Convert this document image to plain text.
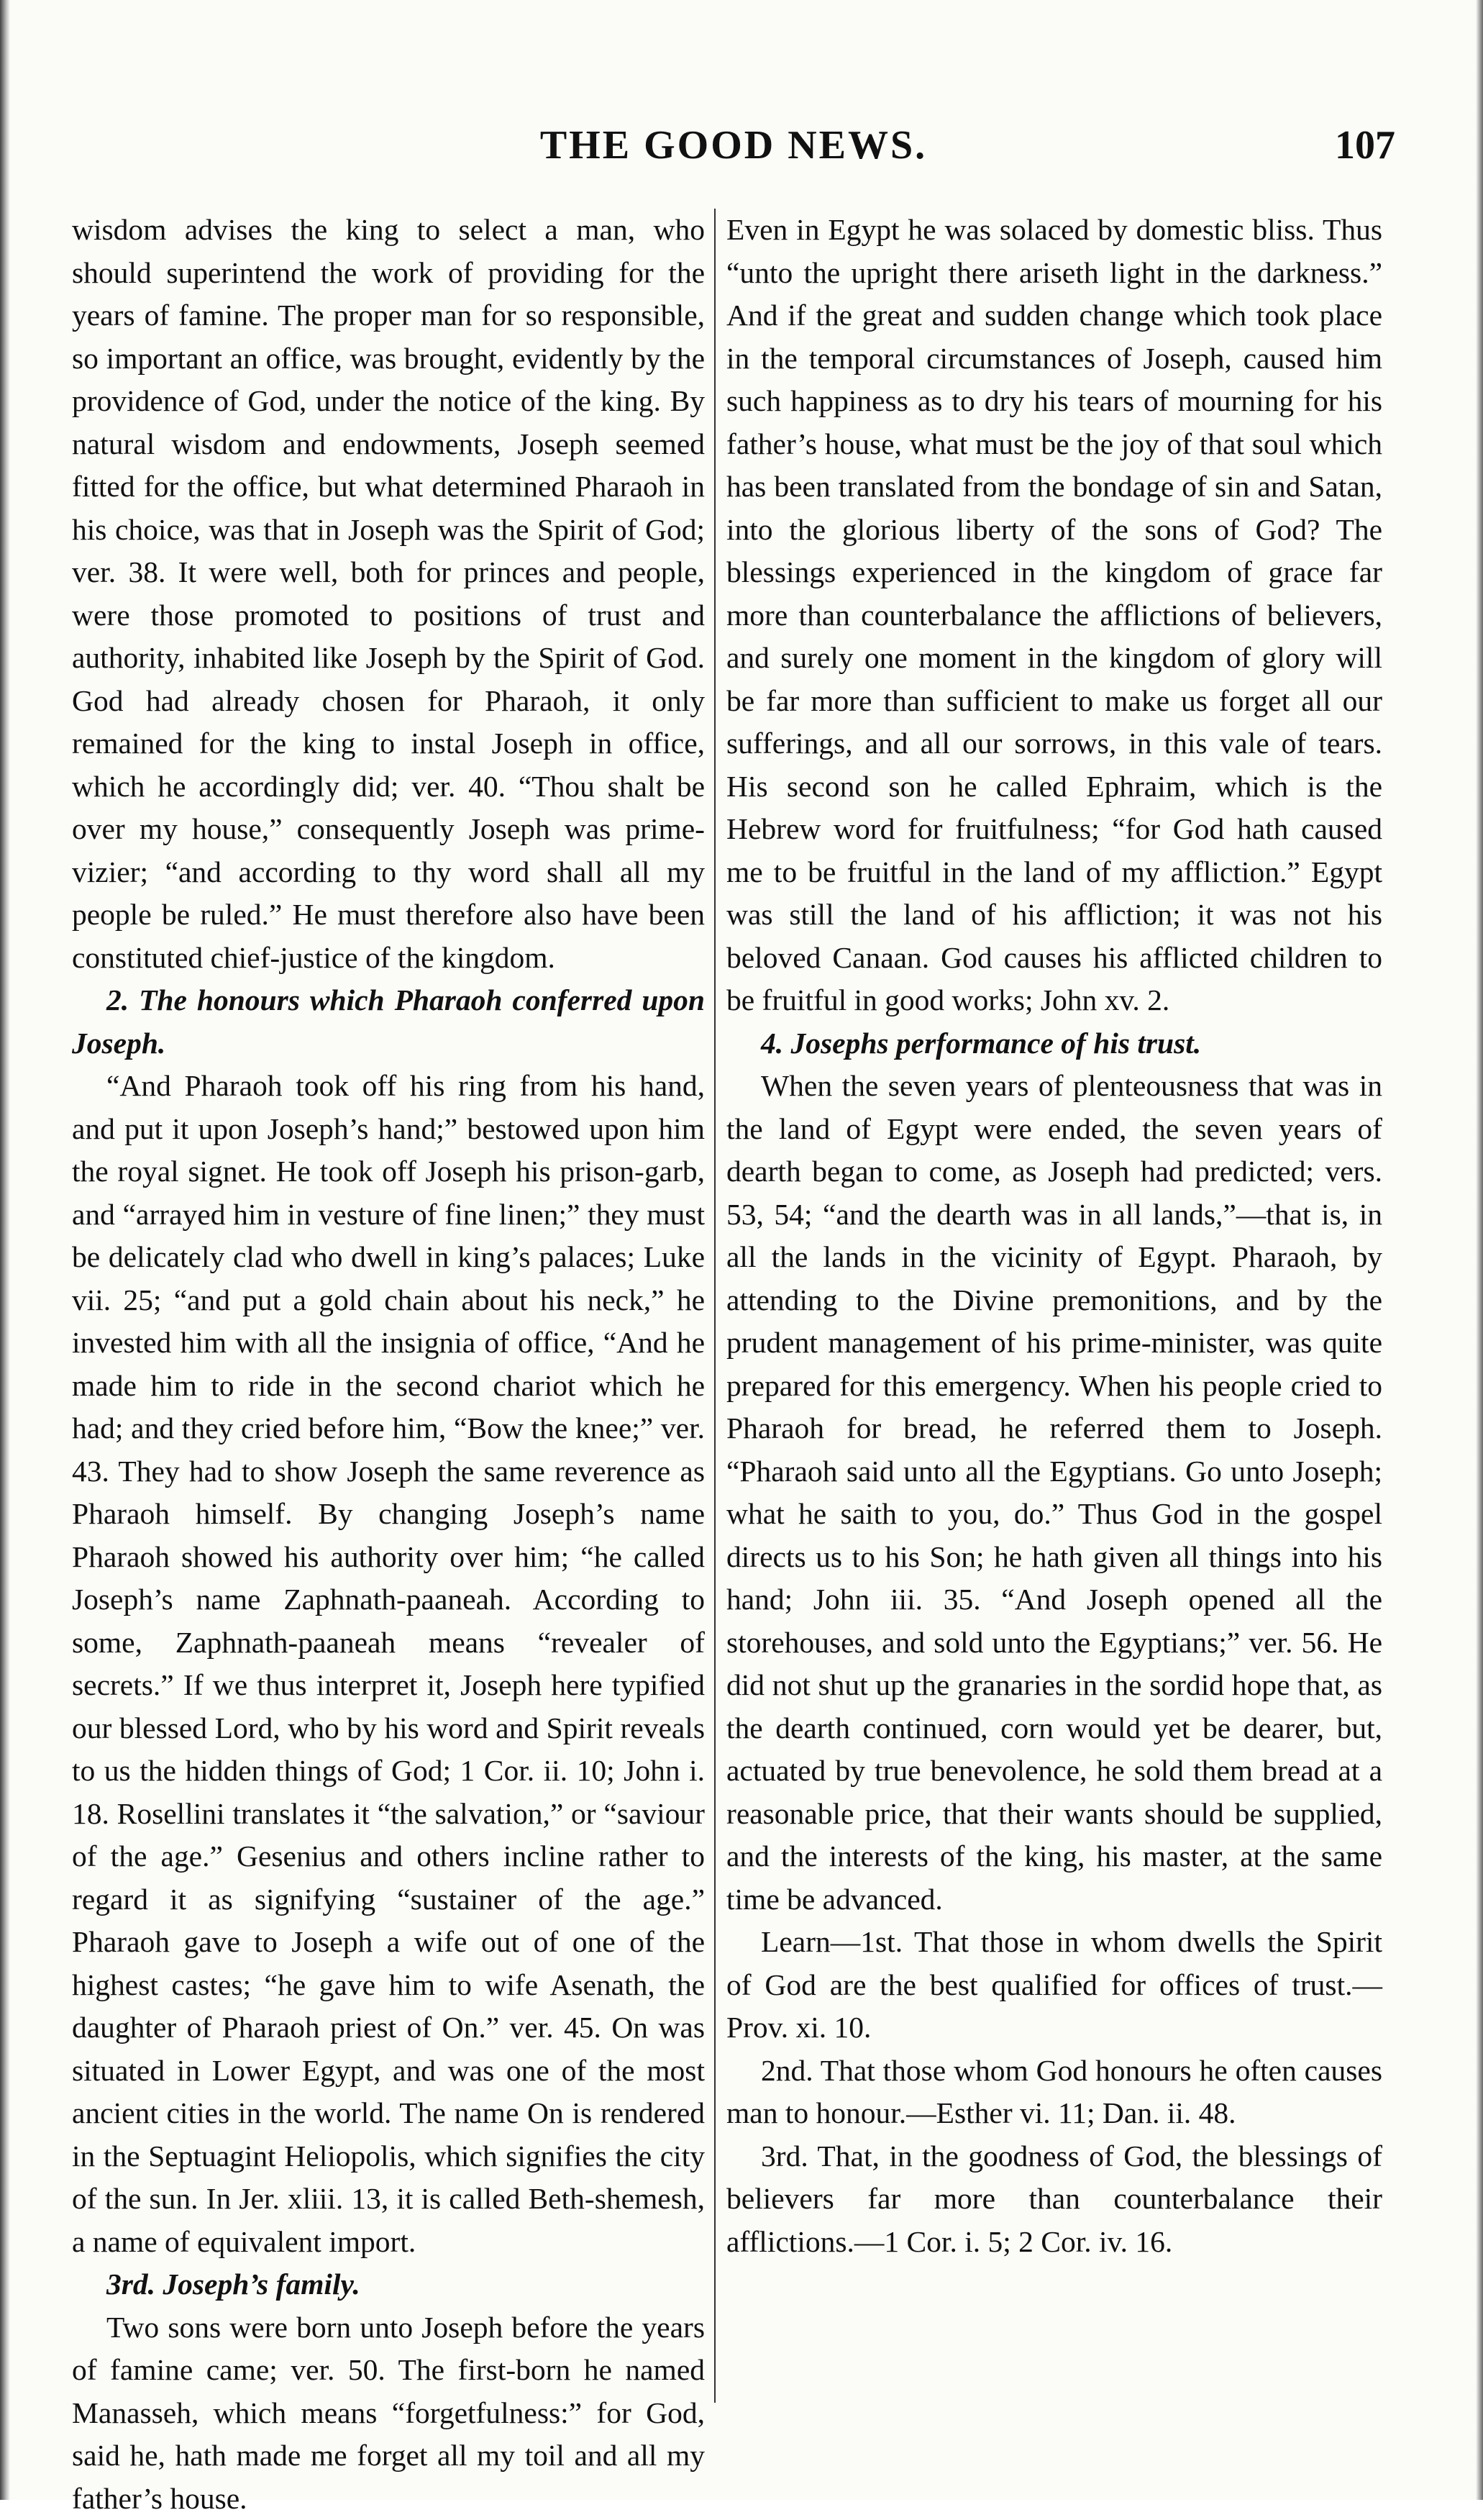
THE GOOD NEWS.	107

wisdom advises the king to select a man, who should superintend the work of providing for the years of famine. The proper man for so responsible, so important an office, was brought, evidently by the providence of God, under the notice of the king. By natural wisdom and endowments, Joseph seemed fitted for the office, but what determined Pharaoh in his choice, was that in Joseph was the Spirit of God; ver. 38. It were well, both for princes and people, were those promoted to positions of trust and authority, inhabited like Joseph by the Spirit of God. God had already chosen for Pharaoh, it only remained for the king to instal Joseph in office, which he accordingly did; ver. 40. “Thou shalt be over my house,” consequently Joseph was prime-vizier; “and according to thy word shall all my people be ruled.” He must therefore also have been constituted chief-justice of the kingdom.

2. The honours which Pharaoh conferred upon Joseph.

“And Pharaoh took off his ring from his hand, and put it upon Joseph’s hand;” bestowed upon him the royal signet. He took off Joseph his prison-garb, and “arrayed him in vesture of fine linen;” they must be delicately clad who dwell in king’s palaces; Luke vii. 25; “and put a gold chain about his neck,” he invested him with all the insignia of office, “And he made him to ride in the second chariot which he had; and they cried before him, “Bow the knee;” ver. 43. They had to show Joseph the same reverence as Pharaoh himself. By changing Joseph’s name Pharaoh showed his authority over him; “he called Joseph’s name Zaphnath-paaneah. According to some, Zaphnath-paaneah means “revealer of secrets.” If we thus interpret it, Joseph here typified our blessed Lord, who by his word and Spirit reveals to us the hidden things of God; 1 Cor. ii. 10; John i. 18. Rosellini translates it “the salvation,” or “saviour of the age.” Gesenius and others incline rather to regard it as signifying “sustainer of the age.” Pharaoh gave to Joseph a wife out of one of the highest castes; “he gave him to wife Asenath, the daughter of Pharaoh priest of On.” ver. 45. On was situated in Lower Egypt, and was one of the most ancient cities in the world. The name On is rendered in the Septuagint Heliopolis, which signifies the city of the sun. In Jer. xliii. 13, it is called Beth-shemesh, a name of equivalent import.

3rd. Joseph’s family.

Two sons were born unto Joseph before the years of famine came; ver. 50. The first-born he named Manasseh, which means “forgetfulness:” for God, said he, hath made me forget all my toil and all my father’s house.

Even in Egypt he was solaced by domestic bliss. Thus “unto the upright there ariseth light in the darkness.” And if the great and sudden change which took place in the temporal circumstances of Joseph, caused him such happiness as to dry his tears of mourning for his father’s house, what must be the joy of that soul which has been translated from the bondage of sin and Satan, into the glorious liberty of the sons of God? The blessings experienced in the kingdom of grace far more than counterbalance the afflictions of believers, and surely one moment in the kingdom of glory will be far more than sufficient to make us forget all our sufferings, and all our sorrows, in this vale of tears. His second son he called Ephraim, which is the Hebrew word for fruitfulness; “for God hath caused me to be fruitful in the land of my affliction.” Egypt was still the land of his affliction; it was not his beloved Canaan. God causes his afflicted children to be fruitful in good works; John xv. 2.

4. Josephs performance of his trust.

When the seven years of plenteousness that was in the land of Egypt were ended, the seven years of dearth began to come, as Joseph had predicted; vers. 53, 54; “and the dearth was in all lands,”—that is, in all the lands in the vicinity of Egypt. Pharaoh, by attending to the Divine premonitions, and by the prudent management of his prime-minister, was quite prepared for this emergency. When his people cried to Pharaoh for bread, he referred them to Joseph. “Pharaoh said unto all the Egyptians. Go unto Joseph; what he saith to you, do.” Thus God in the gospel directs us to his Son; he hath given all things into his hand; John iii. 35. “And Joseph opened all the storehouses, and sold unto the Egyptians;” ver. 56. He did not shut up the granaries in the sordid hope that, as the dearth continued, corn would yet be dearer, but, actuated by true benevolence, he sold them bread at a reasonable price, that their wants should be supplied, and the interests of the king, his master, at the same time be advanced.

Learn—1st. That those in whom dwells the Spirit of God are the best qualified for offices of trust.—Prov. xi. 10.

2nd. That those whom God honours he often causes man to honour.—Esther vi. 11; Dan. ii. 48.

3rd. That, in the goodness of God, the blessings of believers far more than counterbalance their afflictions.—1 Cor. i. 5; 2 Cor. iv. 16.
